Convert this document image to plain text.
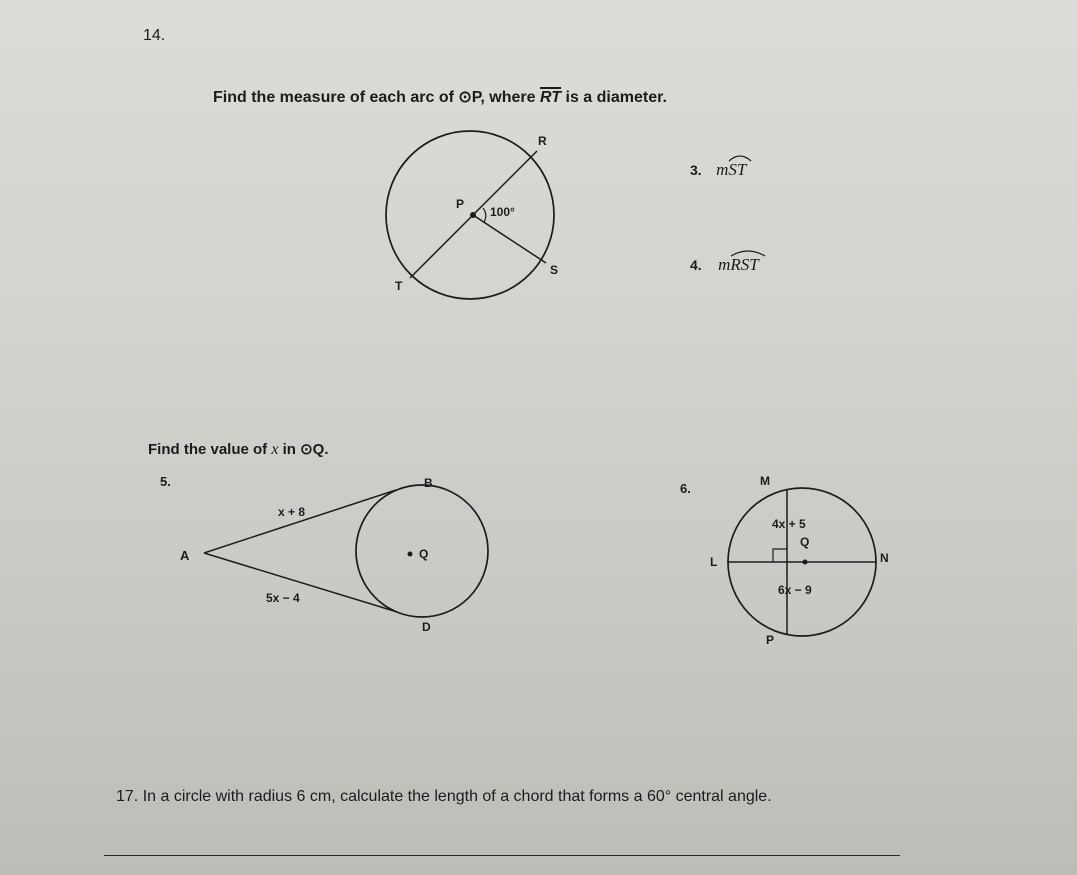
14.
Find the measure of each arc of ⊙P, where RT is a diameter.
R
P
100°
S
T
3. m
ST
4. m
RST
Find the value of x in ⊙Q.
5.	B
A	Q
D
x + 8
5x − 4
6.	M
L	N
P
Q
4x + 5
6x − 9
17. In a circle with radius 6 cm, calculate the length of a chord that forms a 60° central angle.
